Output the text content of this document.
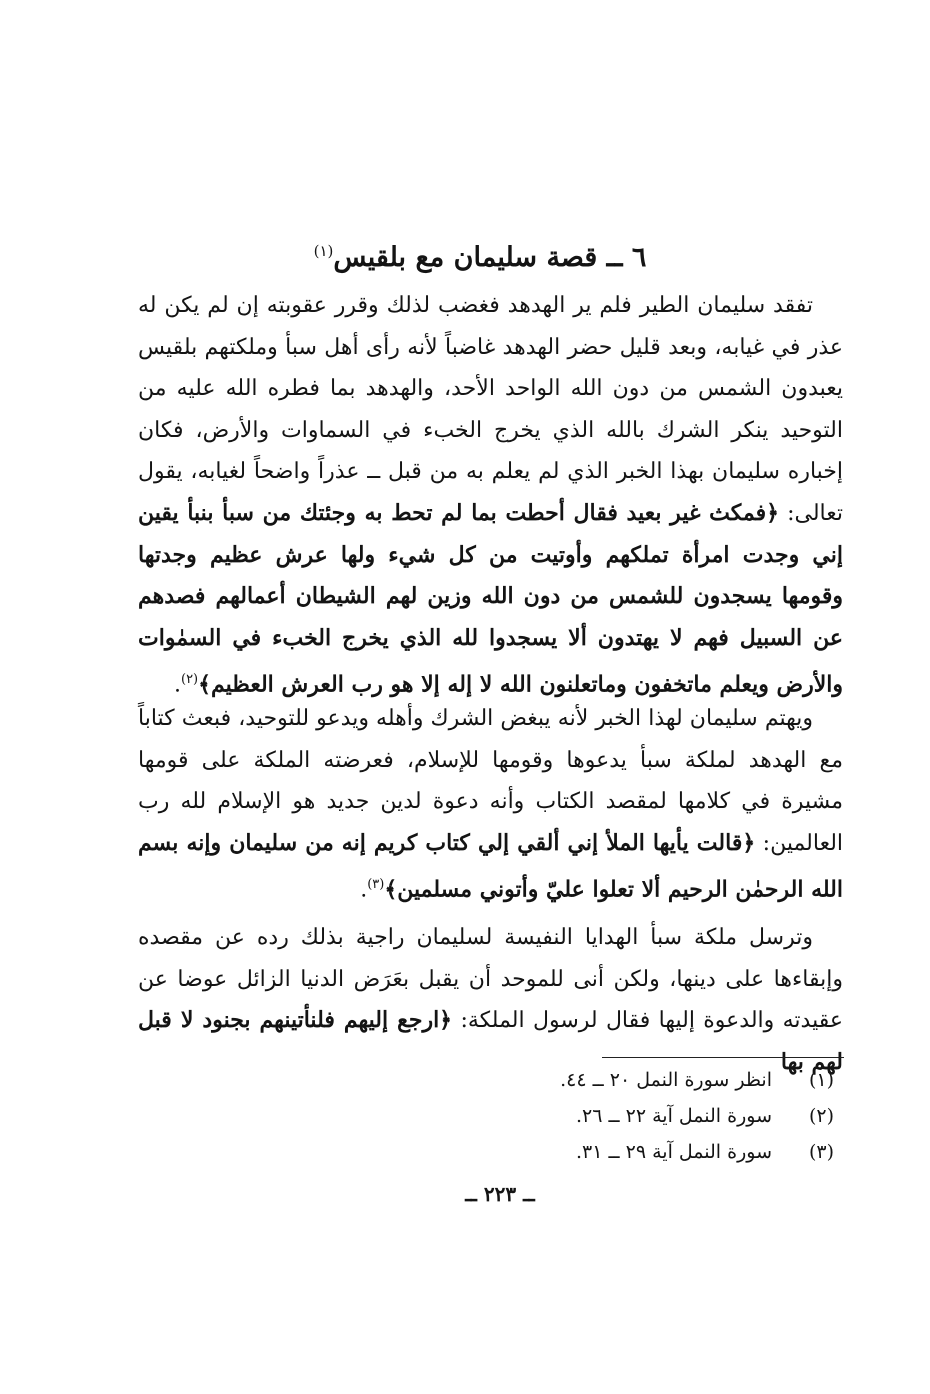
٦ ــ قصة سليمان مع بلقيس$^{(١)}$

تفقد سليمان الطير فلم ير الهدهد فغضب لذلك وقرر عقوبته إن لم يكن له عذر في غيابه، وبعد قليل حضر الهدهد غاضباً لأنه رأى أهل سبأ وملكتهم بلقيس يعبدون الشمس من دون الله الواحد الأحد، والهدهد بما فطره الله عليه من التوحيد ينكر الشرك بالله الذي يخرج الخبء في السماوات والأرض، فكان إخباره سليمان بهذا الخبر الذي لم يعلم به من قبل ــ عذراً واضحاً لغيابه، يقول تعالى: ﴿فمكث غير بعيد فقال أحطت بما لم تحط به وجئتك من سبأ بنبأ يقين إني وجدت امرأة تملكهم وأوتيت من كل شيء ولها عرش عظيم وجدتها وقومها يسجدون للشمس من دون الله وزين لهم الشيطان أعمالهم فصدهم عن السبيل فهم لا يهتدون ألا يسجدوا لله الذي يخرج الخبء في السمٰوات والأرض ويعلم ماتخفون وماتعلنون الله لا إله إلا هو رب العرش العظيم﴾$^{(٢)}$.

ويهتم سليمان لهذا الخبر لأنه يبغض الشرك وأهله ويدعو للتوحيد، فبعث كتاباً مع الهدهد لملكة سبأ يدعوها وقومها للإسلام، فعرضته الملكة على قومها مشيرة في كلامها لمقصد الكتاب وأنه دعوة لدين جديد هو الإسلام لله رب العالمين: ﴿قالت يأيها الملأ إني ألقي إلي كتاب كريم إنه من سليمان وإنه بسم الله الرحمٰن الرحيم ألا تعلوا عليّ وأتوني مسلمين﴾$^{(٣)}$.

وترسل ملكة سبأ الهدايا النفيسة لسليمان راجية بذلك رده عن مقصده وإبقاءها على دينها، ولكن أنى للموحد أن يقبل بعَرَض الدنيا الزائل عوضا عن عقيدته والدعوة إليها فقال لرسول الملكة: ﴿ارجع إليهم فلنأتينهم بجنود لا قبل لهم بها

(١)انظر سورة النمل ٢٠ ــ ٤٤.
(٢)سورة النمل آية ٢٢ ــ ٢٦.
(٣)سورة النمل آية ٢٩ ــ ٣١.
ــ ٢٢٣ ــ
